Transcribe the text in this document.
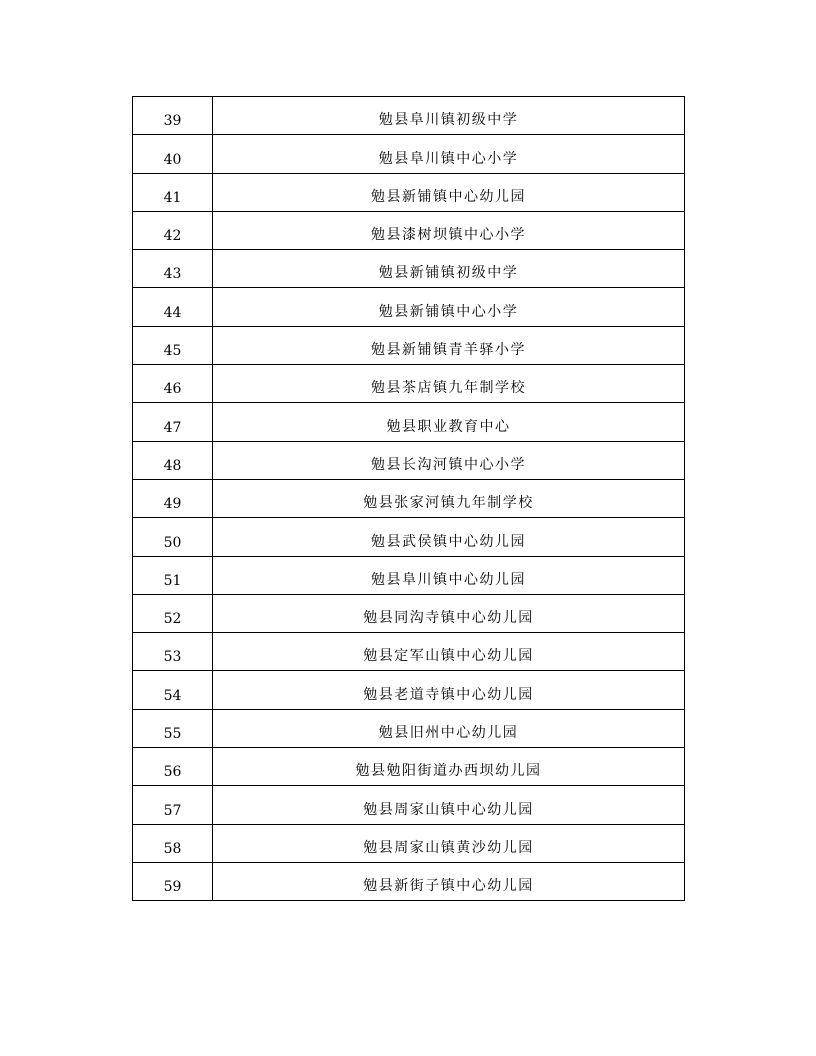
39	勉县阜川镇初级中学
40	勉县阜川镇中心小学
41	勉县新铺镇中心幼儿园
42	勉县漆树坝镇中心小学
43	勉县新铺镇初级中学
44	勉县新铺镇中心小学
45	勉县新铺镇青羊驿小学
46	勉县茶店镇九年制学校
47	勉县职业教育中心
48	勉县长沟河镇中心小学
49	勉县张家河镇九年制学校
50	勉县武侯镇中心幼儿园
51	勉县阜川镇中心幼儿园
52	勉县同沟寺镇中心幼儿园
53	勉县定军山镇中心幼儿园
54	勉县老道寺镇中心幼儿园
55	勉县旧州中心幼儿园
56	勉县勉阳街道办西坝幼儿园
57	勉县周家山镇中心幼儿园
58	勉县周家山镇黄沙幼儿园
59	勉县新街子镇中心幼儿园
